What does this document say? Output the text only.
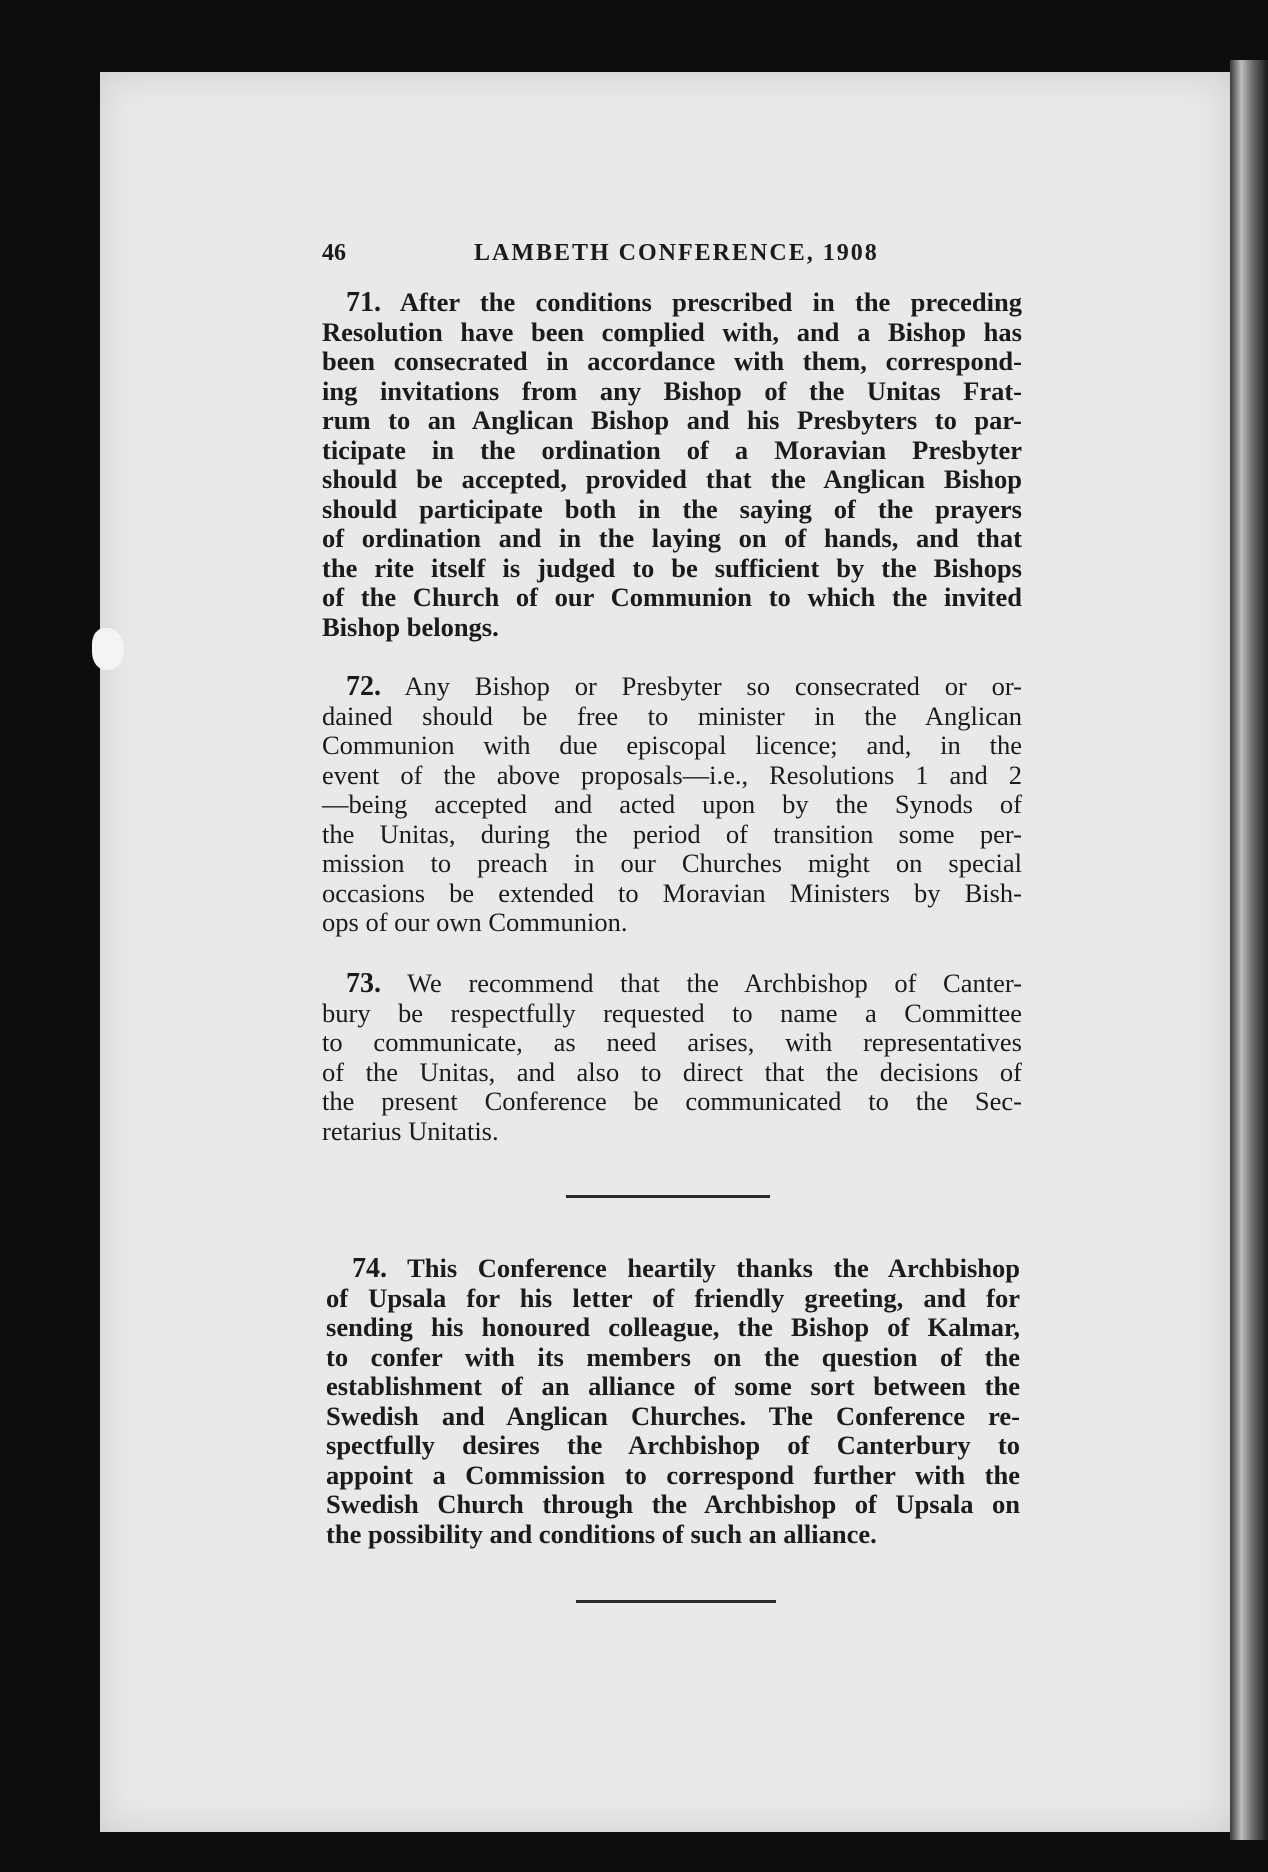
46	LAMBETH CONFERENCE, 1908
71. After the conditions prescribed in the preceding
Resolution have been complied with, and a Bishop has
been consecrated in accordance with them, correspond-
ing invitations from any Bishop of the Unitas Frat-
rum to an Anglican Bishop and his Presbyters to par-
ticipate in the ordination of a Moravian Presbyter
should be accepted, provided that the Anglican Bishop
should participate both in the saying of the prayers
of ordination and in the laying on of hands, and that
the rite itself is judged to be sufficient by the Bishops
of the Church of our Communion to which the invited
Bishop belongs.
72. Any Bishop or Presbyter so consecrated or or-
dained should be free to minister in the Anglican
Communion with due episcopal licence; and, in the
event of the above proposals—i.e., Resolutions 1 and 2
—being accepted and acted upon by the Synods of
the Unitas, during the period of transition some per-
mission to preach in our Churches might on special
occasions be extended to Moravian Ministers by Bish-
ops of our own Communion.
73. We recommend that the Archbishop of Canter-
bury be respectfully requested to name a Committee
to communicate, as need arises, with representatives
of the Unitas, and also to direct that the decisions of
the present Conference be communicated to the Sec-
retarius Unitatis.
74. This Conference heartily thanks the Archbishop
of Upsala for his letter of friendly greeting, and for
sending his honoured colleague, the Bishop of Kalmar,
to confer with its members on the question of the
establishment of an alliance of some sort between the
Swedish and Anglican Churches. The Conference re-
spectfully desires the Archbishop of Canterbury to
appoint a Commission to correspond further with the
Swedish Church through the Archbishop of Upsala on
the possibility and conditions of such an alliance.
